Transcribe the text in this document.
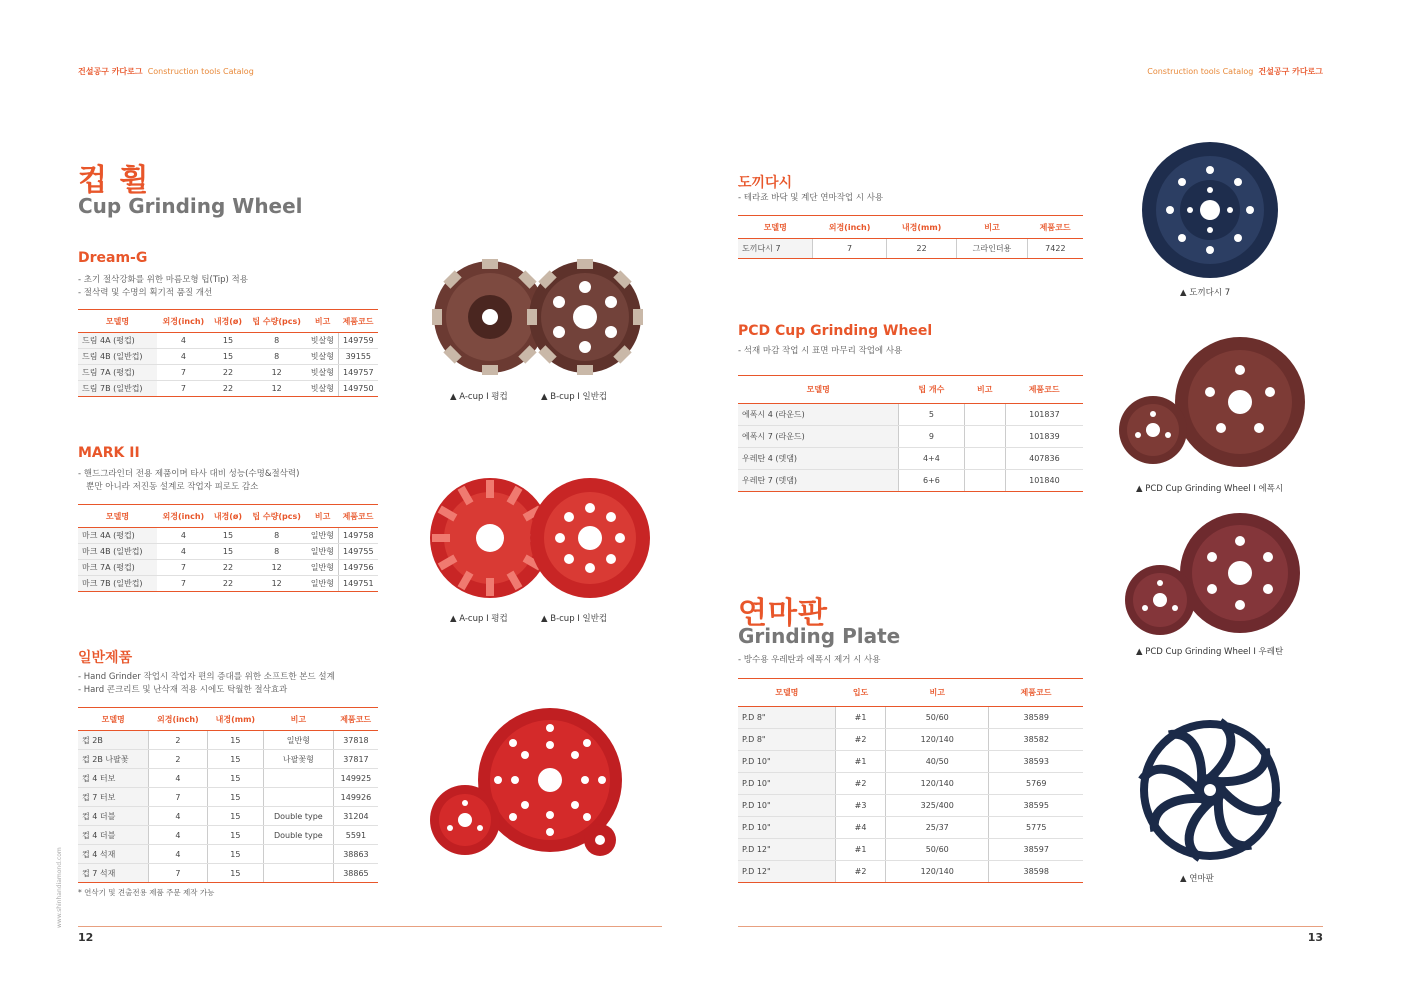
건설공구 카다로그 Construction tools Catalog	Construction tools Catalog 건설공구 카다로그
컵 휠
Cup Grinding Wheel
Dream-G
- 초기 절삭강화를 위한 마름모형 팁(Tip) 적용
- 절삭력 및 수명의 획기적 품질 개선
모델명	외경(inch)	내경(ø)	팁 수량(pcs)	비고	제품코드
드림 4A (평컵)	4	15	8	빗살형	149759
드림 4B (일반컵)	4	15	8	빗살형	39155
드림 7A (평컵)	7	22	12	빗살형	149757
드림 7B (일반컵)	7	22	12	빗살형	149750
▲ A-cup I 평컵	▲ B-cup I 일반컵
MARK II
- 핸드그라인더 전용 제품이며 타사 대비 성능(수명&절삭력)
뿐만 아니라 저진동 설계로 작업자 피로도 감소
모델명	외경(inch)	내경(ø)	팁 수량(pcs)	비고	제품코드
마크 4A (평컵)	4	15	8	일반형	149758
마크 4B (일반컵)	4	15	8	일반형	149755
마크 7A (평컵)	7	22	12	일반형	149756
마크 7B (일반컵)	7	22	12	일반형	149751
▲ A-cup I 평컵	▲ B-cup I 일반컵
일반제품
- Hand Grinder 작업시 작업자 편의 증대를 위한 소프트한 본드 설계
- Hard 콘크리트 및 난삭재 적용 시에도 탁월한 절삭효과
모델명	외경(inch)	내경(mm)	비고	제품코드
컵 2B	2	15	일반형	37818
컵 2B 나팔꽃	2	15	나팔꽃형	37817
컵 4 터보	4	15		149925
컵 7 터보	7	15		149926
컵 4 더블	4	15	Double type	31204
컵 4 더블	4	15	Double type	5591
컵 4 석재	4	15		38863
컵 7 석재	7	15		38865
* 연삭기 및 견출전용 제품 주문 제작 가능
12
www.shinhandiamond.com
도끼다시
- 테라죠 바닥 및 계단 연마작업 시 사용
모델명	외경(inch)	내경(mm)	비고	제품코드
도끼다시 7	7	22	그라인더용	7422
▲ 도끼다시 7
PCD Cup Grinding Wheel
- 석재 마감 작업 시 표면 마무리 작업에 사용
모델명	팁 개수	비고	제품코드
에폭시 4 (라운드)	5		101837
에폭시 7 (라운드)	9		101839
우레탄 4 (뎃댐)	4+4		407836
우레탄 7 (뎃댐)	6+6		101840
▲ PCD Cup Grinding Wheel I 에폭시
▲ PCD Cup Grinding Wheel I 우레탄
연마판
Grinding Plate
- 방수용 우레탄과 에폭시 제거 시 사용
모델명	입도	비고	제품코드
P.D 8"	#1	50/60	38589
P.D 8"	#2	120/140	38582
P.D 10"	#1	40/50	38593
P.D 10"	#2	120/140	5769
P.D 10"	#3	325/400	38595
P.D 10"	#4	25/37	5775
P.D 12"	#1	50/60	38597
P.D 12"	#2	120/140	38598
▲ 연마판
13
